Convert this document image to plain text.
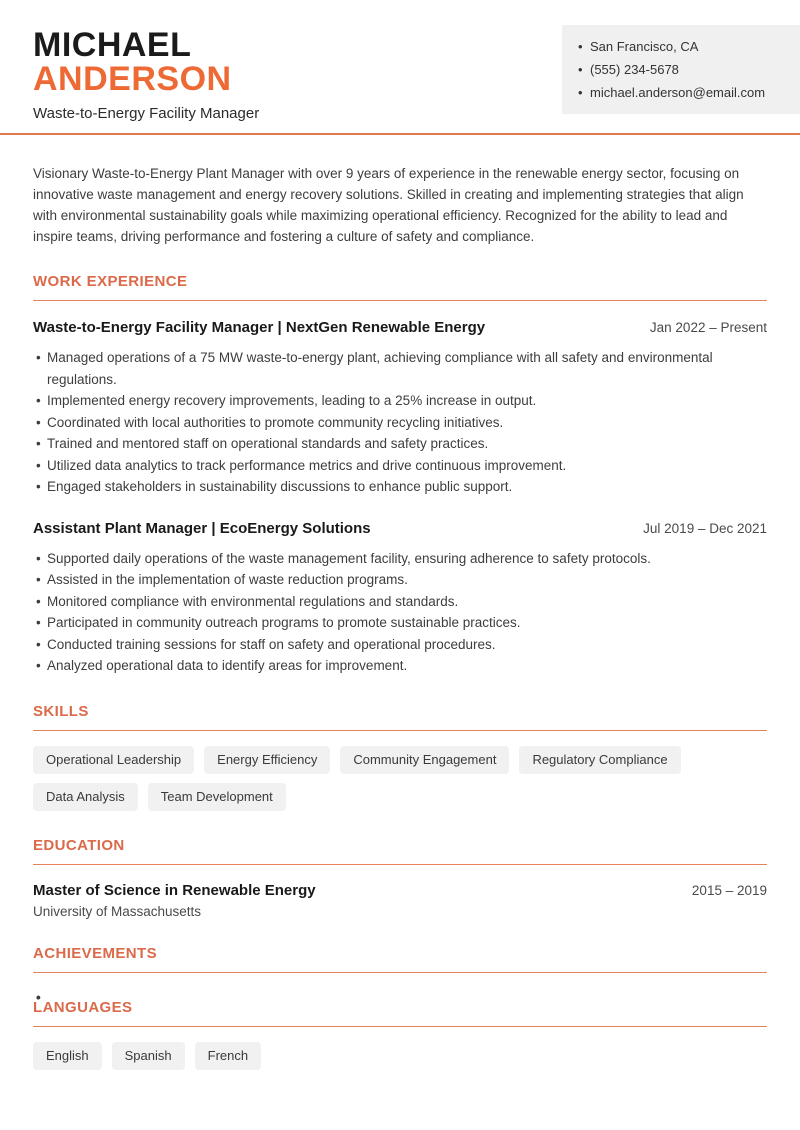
MICHAEL
ANDERSON
Waste-to-Energy Facility Manager
• San Francisco, CA
• (555) 234-5678
• michael.anderson@email.com

Visionary Waste-to-Energy Plant Manager with over 9 years of experience in the renewable energy sector, focusing on innovative waste management and energy recovery solutions. Skilled in creating and implementing strategies that align with environmental sustainability goals while maximizing operational efficiency. Recognized for the ability to lead and inspire teams, driving performance and fostering a culture of safety and compliance.

WORK EXPERIENCE
Waste-to-Energy Facility Manager | NextGen Renewable Energy	Jan 2022 – Present
• Managed operations of a 75 MW waste-to-energy plant, achieving compliance with all safety and environmental regulations.
• Implemented energy recovery improvements, leading to a 25% increase in output.
• Coordinated with local authorities to promote community recycling initiatives.
• Trained and mentored staff on operational standards and safety practices.
• Utilized data analytics to track performance metrics and drive continuous improvement.
• Engaged stakeholders in sustainability discussions to enhance public support.
Assistant Plant Manager | EcoEnergy Solutions	Jul 2019 – Dec 2021
• Supported daily operations of the waste management facility, ensuring adherence to safety protocols.
• Assisted in the implementation of waste reduction programs.
• Monitored compliance with environmental regulations and standards.
• Participated in community outreach programs to promote sustainable practices.
• Conducted training sessions for staff on safety and operational procedures.
• Analyzed operational data to identify areas for improvement.
SKILLS
Operational Leadership	Energy Efficiency	Community Engagement	Regulatory Compliance
Data Analysis	Team Development
EDUCATION
Master of Science in Renewable Energy	2015 – 2019
University of Massachusetts
ACHIEVEMENTS
LANGUAGES
English	Spanish	French
